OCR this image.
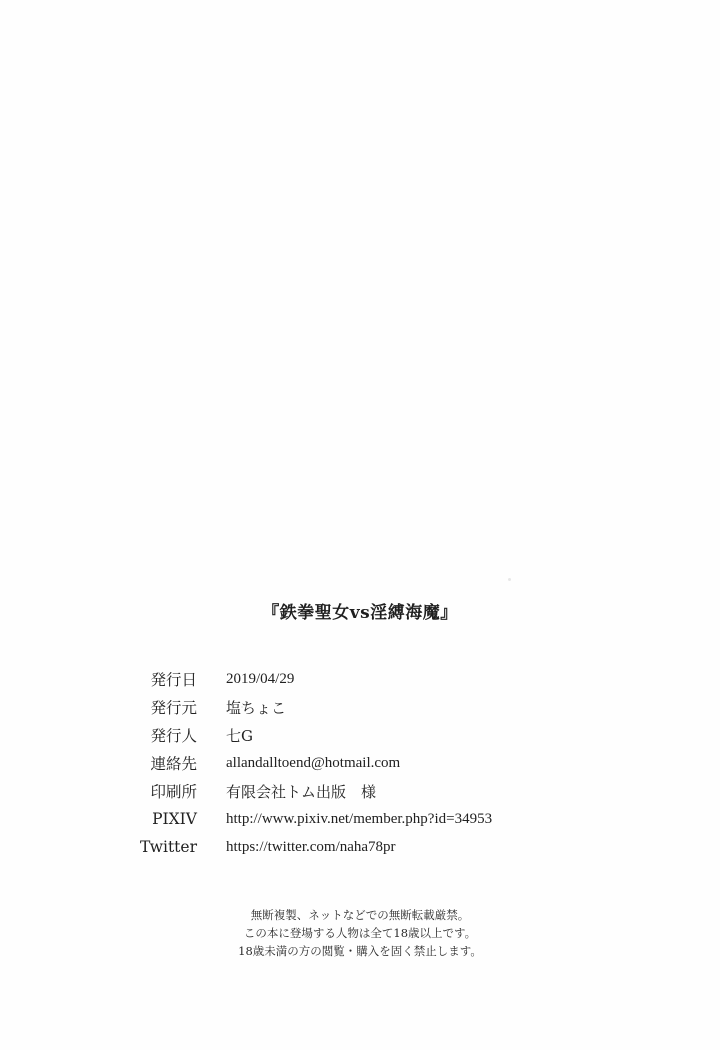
『鉄拳聖女vs淫縛海魔』
発行日	2019/04/29
発行元	塩ちょこ
発行人	七G
連絡先	allandalltoend@hotmail.com
印刷所	有限会社トム出版　様
PIXIV	http://www.pixiv.net/member.php?id=34953
Twitter	https://twitter.com/naha78pr
無断複製、ネットなどでの無断転載厳禁。
この本に登場する人物は全て18歳以上です。
18歳未満の方の閲覧・購入を固く禁止します。
